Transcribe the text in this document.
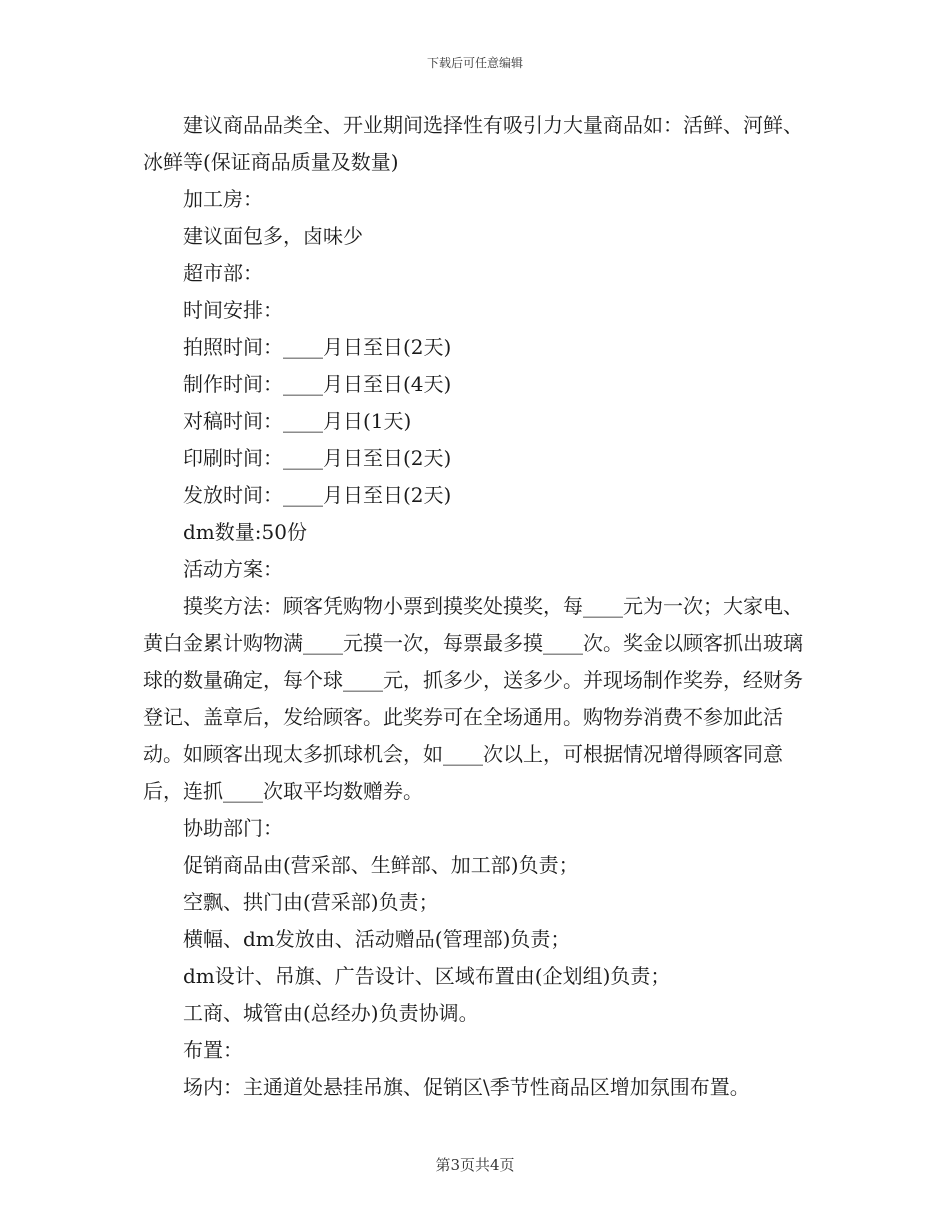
下载后可任意编辑

建议商品品类全、开业期间选择性有吸引力大量商品如：活鲜、河鲜、冰鲜等(保证商品质量及数量)

加工房：

建议面包多，卤味少

超市部：

时间安排：

拍照时间：____月日至日(2天)

制作时间：____月日至日(4天)

对稿时间：____月日(1天)

印刷时间：____月日至日(2天)

发放时间：____月日至日(2天)

dm数量:50份

活动方案：

摸奖方法：顾客凭购物小票到摸奖处摸奖，每____元为一次；大家电、黄白金累计购物满____元摸一次，每票最多摸____次。奖金以顾客抓出玻璃球的数量确定，每个球____元，抓多少，送多少。并现场制作奖券，经财务登记、盖章后，发给顾客。此奖券可在全场通用。购物券消费不参加此活动。如顾客出现太多抓球机会，如____次以上，可根据情况增得顾客同意后，连抓____次取平均数赠券。

协助部门：

促销商品由(营采部、生鲜部、加工部)负责；

空飘、拱门由(营采部)负责；

横幅、dm发放由、活动赠品(管理部)负责；

dm设计、吊旗、广告设计、区域布置由(企划组)负责；

工商、城管由(总经办)负责协调。

布置：

场内：主通道处悬挂吊旗、促销区\季节性商品区增加氛围布置。

第3页共4页
